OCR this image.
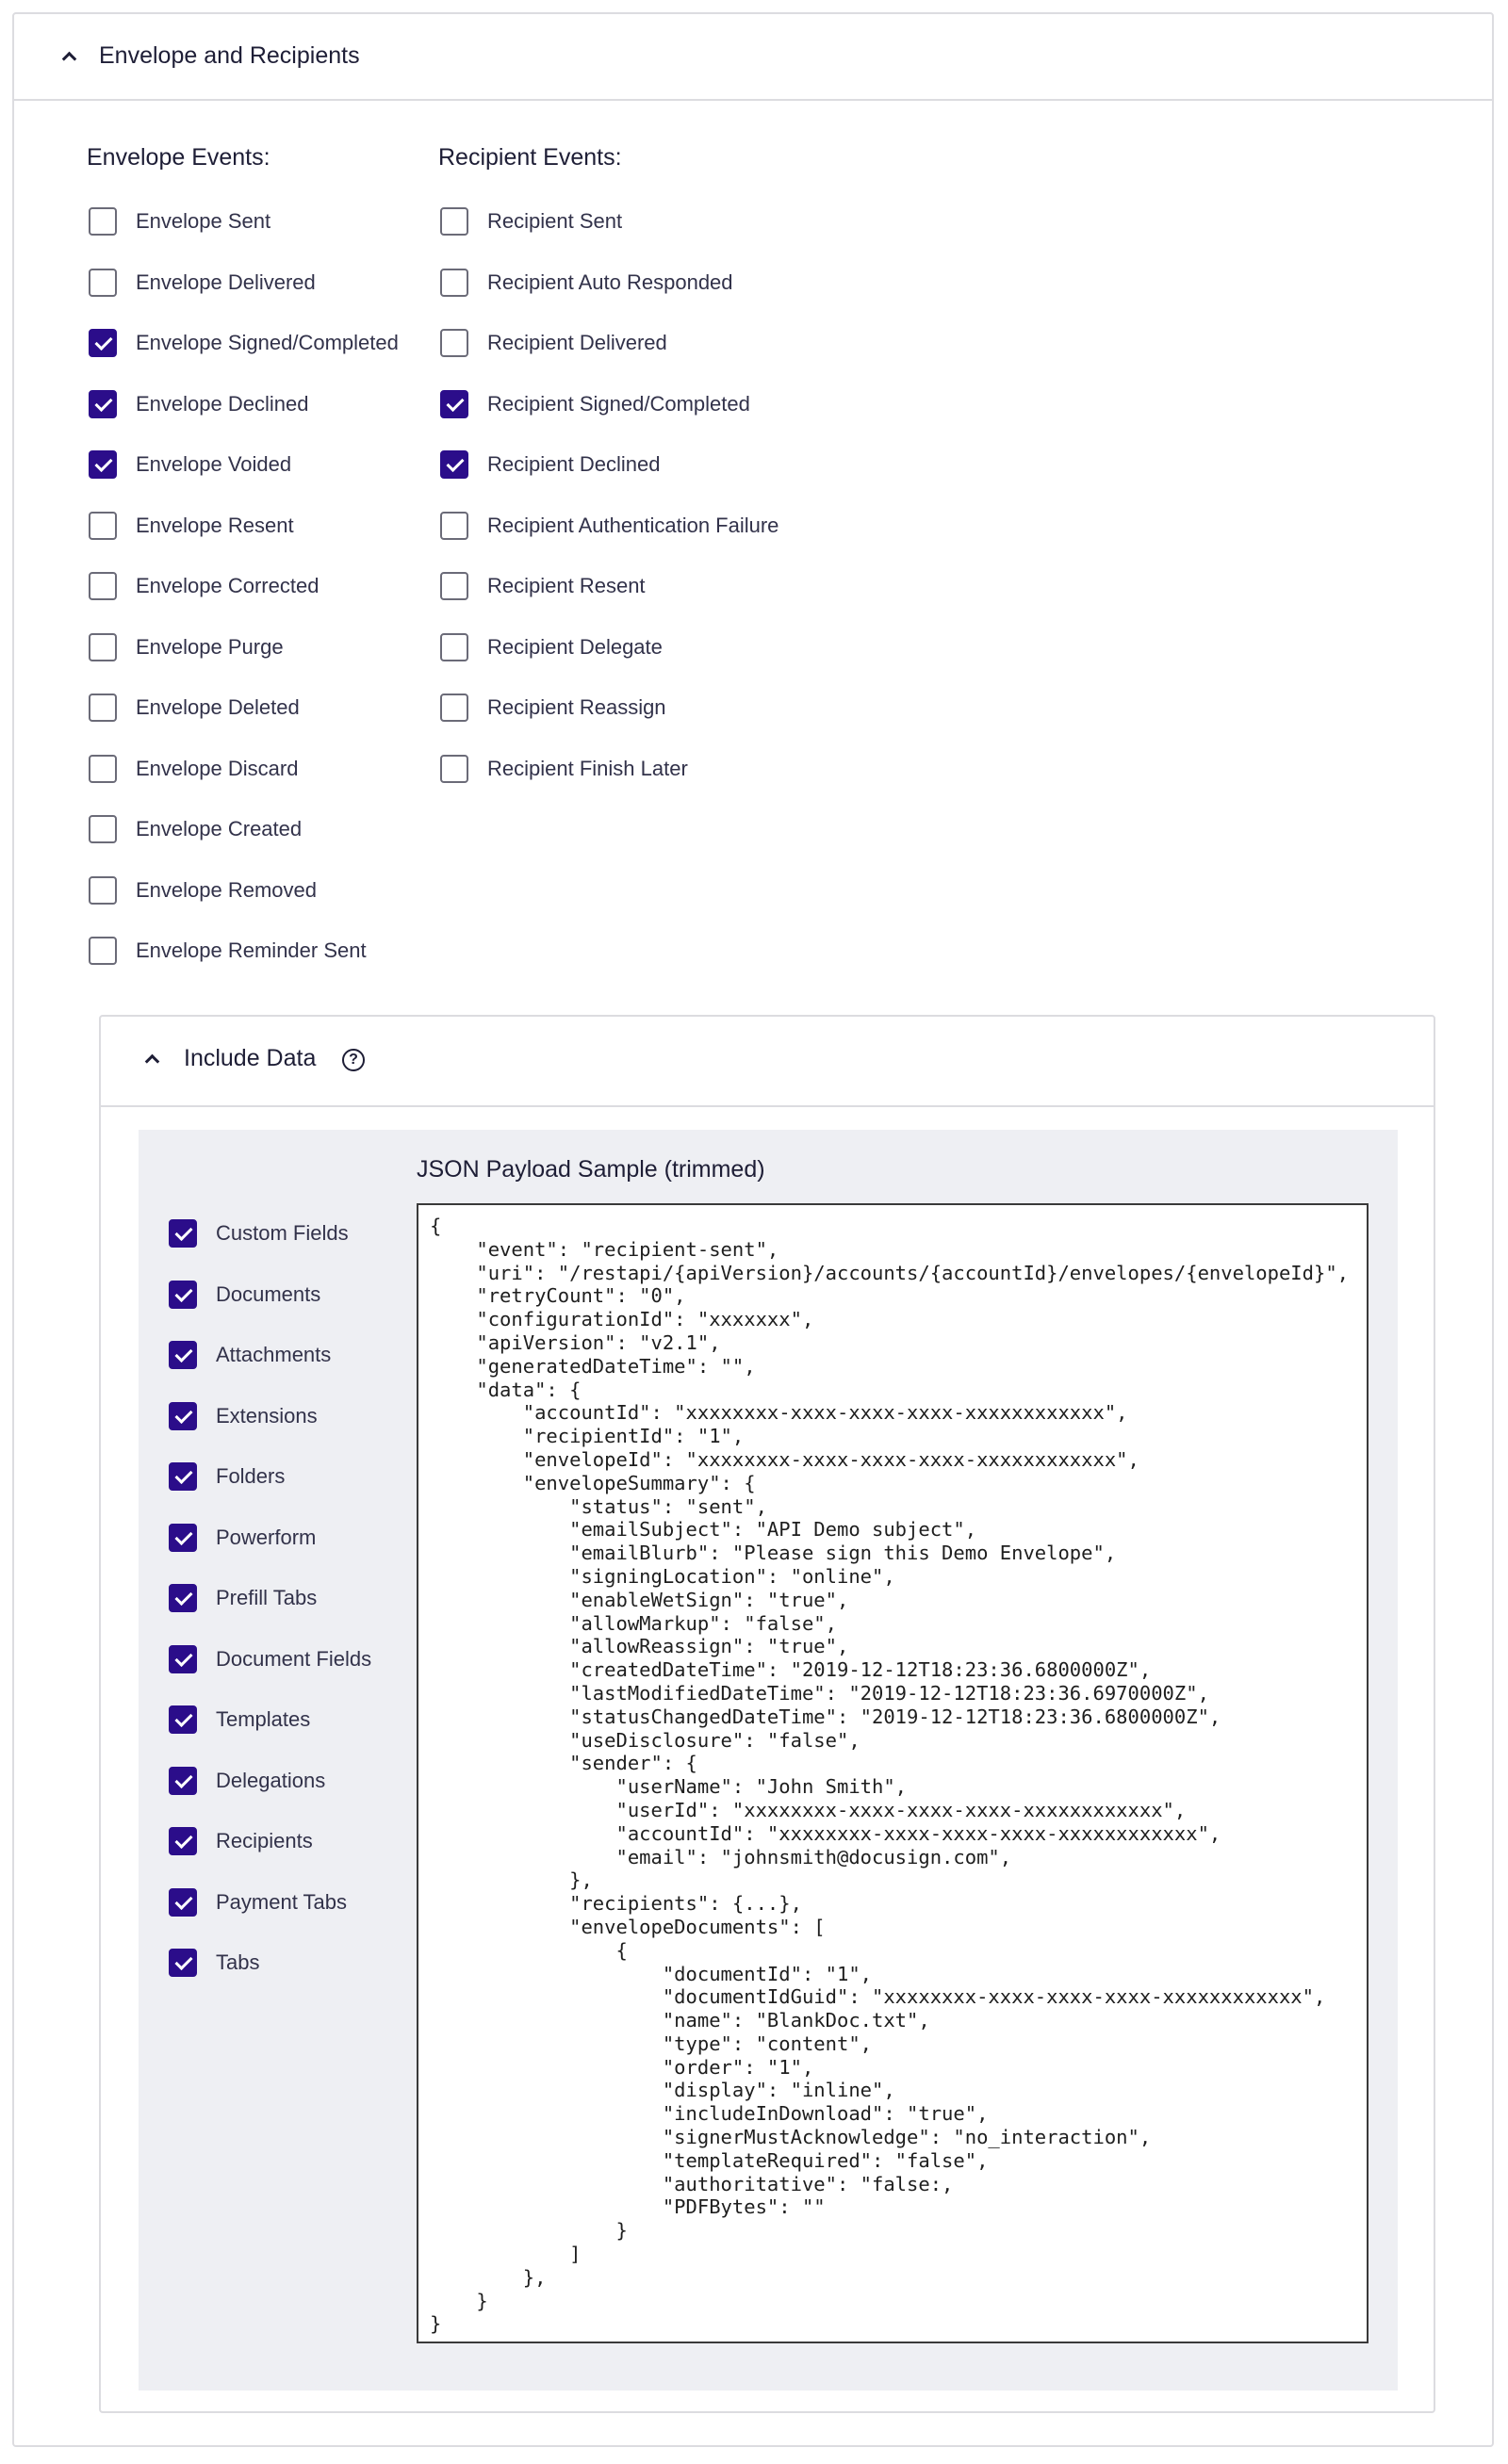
Envelope and Recipients
Envelope Events:	Recipient Events:
Envelope Sent
Envelope Delivered
Envelope Signed/Completed
Envelope Declined
Envelope Voided
Envelope Resent
Envelope Corrected
Envelope Purge
Envelope Deleted
Envelope Discard
Envelope Created
Envelope Removed
Envelope Reminder Sent
Recipient Sent
Recipient Auto Responded
Recipient Delivered
Recipient Signed/Completed
Recipient Declined
Recipient Authentication Failure
Recipient Resent
Recipient Delegate
Recipient Reassign
Recipient Finish Later
Include Data	?
Custom Fields
Documents
Attachments
Extensions
Folders
Powerform
Prefill Tabs
Document Fields
Templates
Delegations
Recipients
Payment Tabs
Tabs
JSON Payload Sample (trimmed)
{
"event": "recipient-sent",
"uri": "/restapi/{apiVersion}/accounts/{accountId}/envelopes/{envelopeId}",
"retryCount": "0",
"configurationId": "xxxxxxx",
"apiVersion": "v2.1",
"generatedDateTime": "",
"data": {
"accountId": "xxxxxxxx-xxxx-xxxx-xxxx-xxxxxxxxxxxx",
"recipientId": "1",
"envelopeId": "xxxxxxxx-xxxx-xxxx-xxxx-xxxxxxxxxxxx",
"envelopeSummary": {
"status": "sent",
"emailSubject": "API Demo subject",
"emailBlurb": "Please sign this Demo Envelope",
"signingLocation": "online",
"enableWetSign": "true",
"allowMarkup": "false",
"allowReassign": "true",
"createdDateTime": "2019-12-12T18:23:36.6800000Z",
"lastModifiedDateTime": "2019-12-12T18:23:36.6970000Z",
"statusChangedDateTime": "2019-12-12T18:23:36.6800000Z",
"useDisclosure": "false",
"sender": {
"userName": "John Smith",
"userId": "xxxxxxxx-xxxx-xxxx-xxxx-xxxxxxxxxxxx",
"accountId": "xxxxxxxx-xxxx-xxxx-xxxx-xxxxxxxxxxxx",
"email": "johnsmith@docusign.com",
},
"recipients": {...},
"envelopeDocuments": [
{
"documentId": "1",
"documentIdGuid": "xxxxxxxx-xxxx-xxxx-xxxx-xxxxxxxxxxxx",
"name": "BlankDoc.txt",
"type": "content",
"order": "1",
"display": "inline",
"includeInDownload": "true",
"signerMustAcknowledge": "no_interaction",
"templateRequired": "false",
"authoritative": "false:,
"PDFBytes": ""
}
]
},
}
}
